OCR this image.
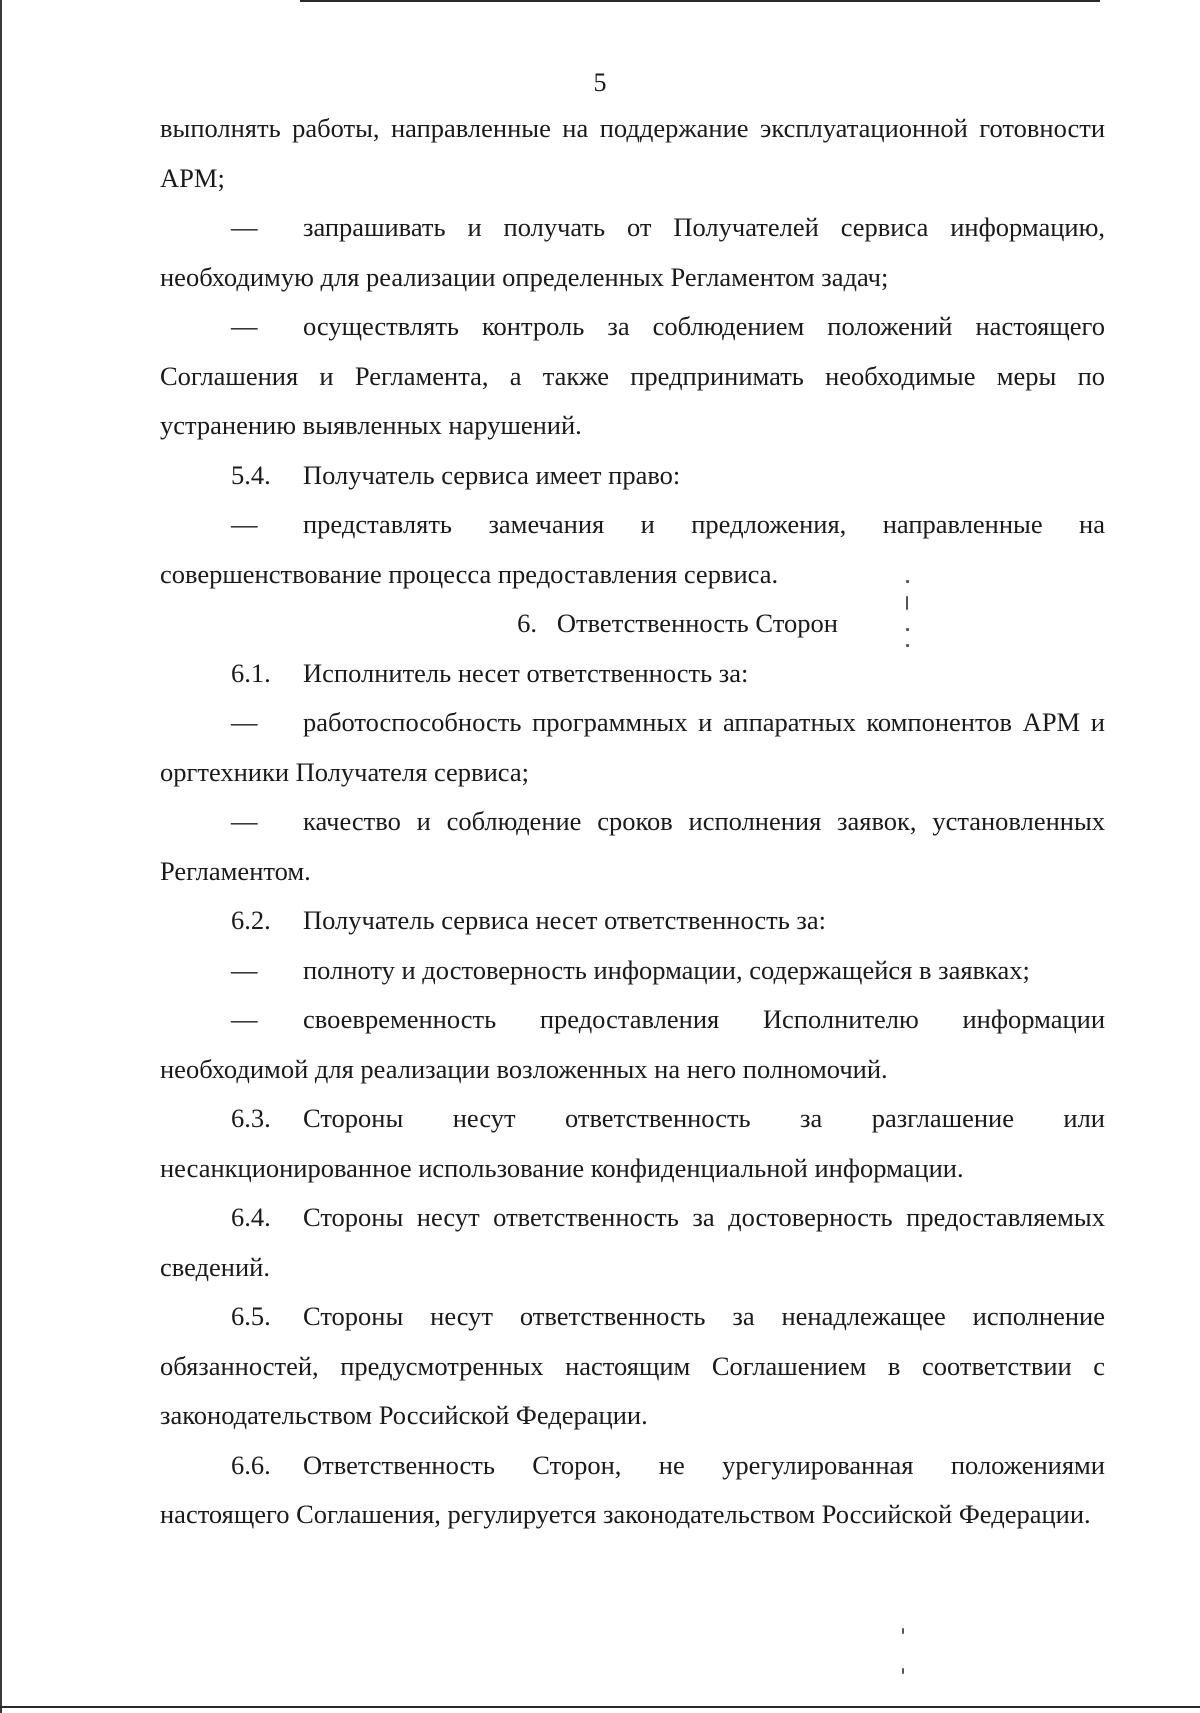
5

выполнять работы, направленные на поддержание эксплуатационной готовности АРМ;

— запрашивать и получать от Получателей сервиса информацию, необходимую для реализации определенных Регламентом задач;

— осуществлять контроль за соблюдением положений настоящего Соглашения и Регламента, а также предпринимать необходимые меры по устранению выявленных нарушений.

5.4. Получатель сервиса имеет право:

— представлять замечания и предложения, направленные на совершенствование процесса предоставления сервиса.

6. Ответственность Сторон

6.1. Исполнитель несет ответственность за:

— работоспособность программных и аппаратных компонентов АРМ и оргтехники Получателя сервиса;

— качество и соблюдение сроков исполнения заявок, установленных Регламентом.

6.2. Получатель сервиса несет ответственность за:

— полноту и достоверность информации, содержащейся в заявках;

— своевременность предоставления Исполнителю информации необходимой для реализации возложенных на него полномочий.

6.3. Стороны несут ответственность за разглашение или несанкционированное использование конфиденциальной информации.

6.4. Стороны несут ответственность за достоверность предоставляемых сведений.

6.5. Стороны несут ответственность за ненадлежащее исполнение обязанностей, предусмотренных настоящим Соглашением в соответствии с законодательством Российской Федерации.

6.6. Ответственность Сторон, не урегулированная положениями настоящего Соглашения, регулируется законодательством Российской Федерации.
